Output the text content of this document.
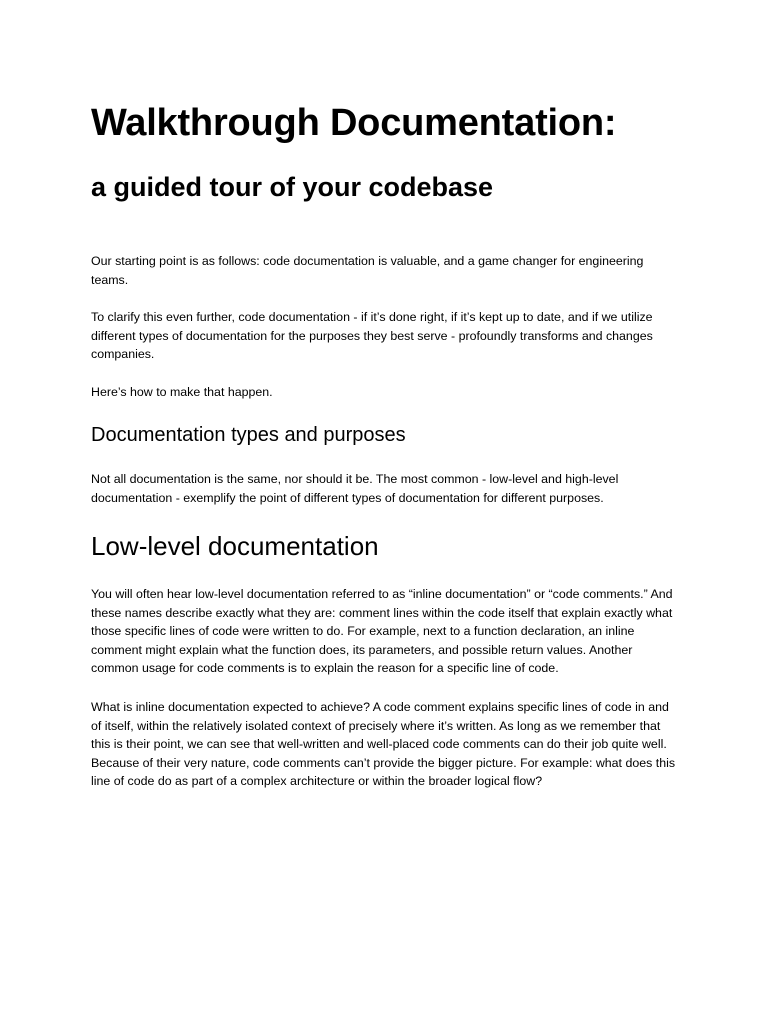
Walkthrough Documentation:
a guided tour of your codebase

Our starting point is as follows: code documentation is valuable, and a game changer for engineering teams.

To clarify this even further, code documentation - if it’s done right, if it’s kept up to date, and if we utilize different types of documentation for the purposes they best serve - profoundly transforms and changes companies.

Here’s how to make that happen.

Documentation types and purposes

Not all documentation is the same, nor should it be. The most common - low-level and high-level documentation - exemplify the point of different types of documentation for different purposes.

Low-level documentation

You will often hear low-level documentation referred to as “inline documentation” or “code comments.” And these names describe exactly what they are: comment lines within the code itself that explain exactly what those specific lines of code were written to do. For example, next to a function declaration, an inline comment might explain what the function does, its parameters, and possible return values. Another common usage for code comments is to explain the reason for a specific line of code.

What is inline documentation expected to achieve? A code comment explains specific lines of code in and of itself, within the relatively isolated context of precisely where it’s written. As long as we remember that this is their point, we can see that well-written and well-placed code comments can do their job quite well. Because of their very nature, code comments can’t provide the bigger picture. For example: what does this line of code do as part of a complex architecture or within the broader logical flow?
